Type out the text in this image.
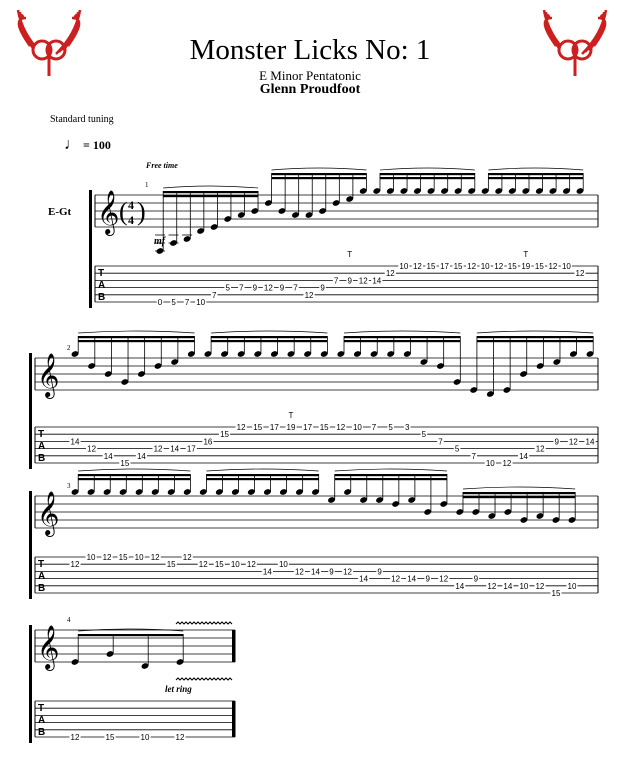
Monster Licks No: 1
E Minor Pentatonic
Glenn Proudfoot
Standard tuning
♩ = 100
Free time
E-Gt
mf
let ring
𝄞
T
A
B
1
( 4
4 )
0 5 7 10
7
5 7 9 12 9 7
12
9
7 9 12 14
12
10 12 15 17 15 12 10 12 15 19 15 12 10
12
T	T
𝄞
T
A
B
2
14
12
14
15
14
12 14 17
16
15
12 15 17 19 17 15 12 10 7 5 3
5
7
5
7
10 12
14
12
9 12 14
T
𝄞
T
A
B
3
12
10 12 15 10 12
15
12
12 15 10 12
14
10
12 14 9 12
14
9
12 14 9 12
14
9
12 14 10 12
15
10
𝄞
T
A
B
4
12	15	10	12
